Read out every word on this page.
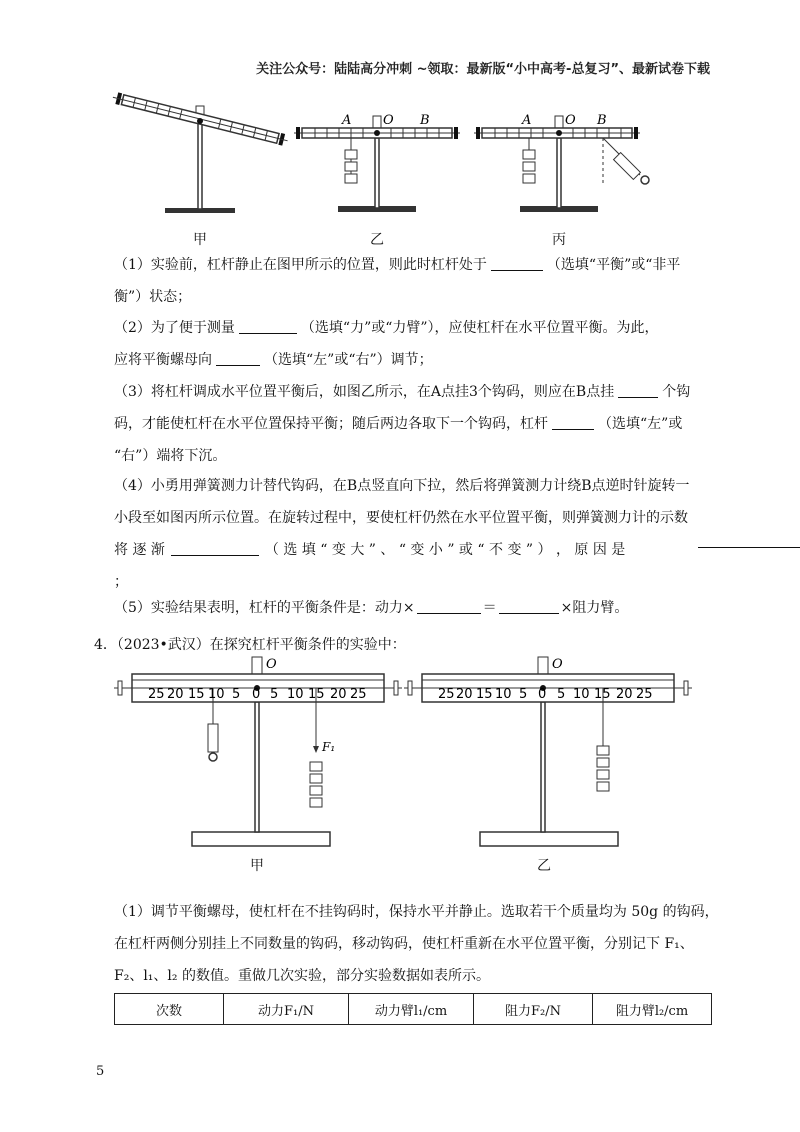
关注公众号：陆陆高分冲刺 ~领取：最新版“小中高考-总复习”、最新试卷下载
A O B	A	O B
甲	乙	丙
（1）实验前，杠杆静止在图甲所示的位置，则此时杠杆处于	（选填“平衡”或“非平
衡”）状态；
（2）为了便于测量	（选填“力”或“力臂”），应使杠杆在水平位置平衡。为此，
应将平衡螺母向	（选填“左”或“右”）调节；
（3）将杠杆调成水平位置平衡后，如图乙所示，在A点挂3个钩码，则应在B点挂	个钩
码，才能使杠杆在水平位置保持平衡；随后两边各取下一个钩码，杠杆	（选填“左”或
“右”）端将下沉。
（4）小勇用弹簧测力计替代钩码，在B点竖直向下拉，然后将弹簧测力计绕B点逆时针旋转一
小段至如图丙所示位置。在旋转过程中，要使杠杆仍然在水平位置平衡，则弹簧测力计的示数
将 逐 渐	（ 选 填 “ 变 大 ” 、 “ 变 小 ” 或 “ 不 变 ” ） ， 原 因 是
；
（5）实验结果表明，杠杆的平衡条件是：动力×	＝	×阻力臂。
4．（2023•武汉）在探究杠杆平衡条件的实验中：
O
F₁
25 20 15 10 5 0 5 10 15 20 25
O
25 20 15 10 5 0 5 10 15 20 25
甲	乙
（1）调节平衡螺母，使杠杆在不挂钩码时，保持水平并静止。选取若干个质量均为 50g 的钩码，
在杠杆两侧分别挂上不同数量的钩码，移动钩码，使杠杆重新在水平位置平衡，分别记下 F₁、
F₂、l₁、l₂ 的数值。重做几次实验，部分实验数据如表所示。
次数	动力F₁/N	动力臂l₁/cm	阻力F₂/N	阻力臂l₂/cm
5
